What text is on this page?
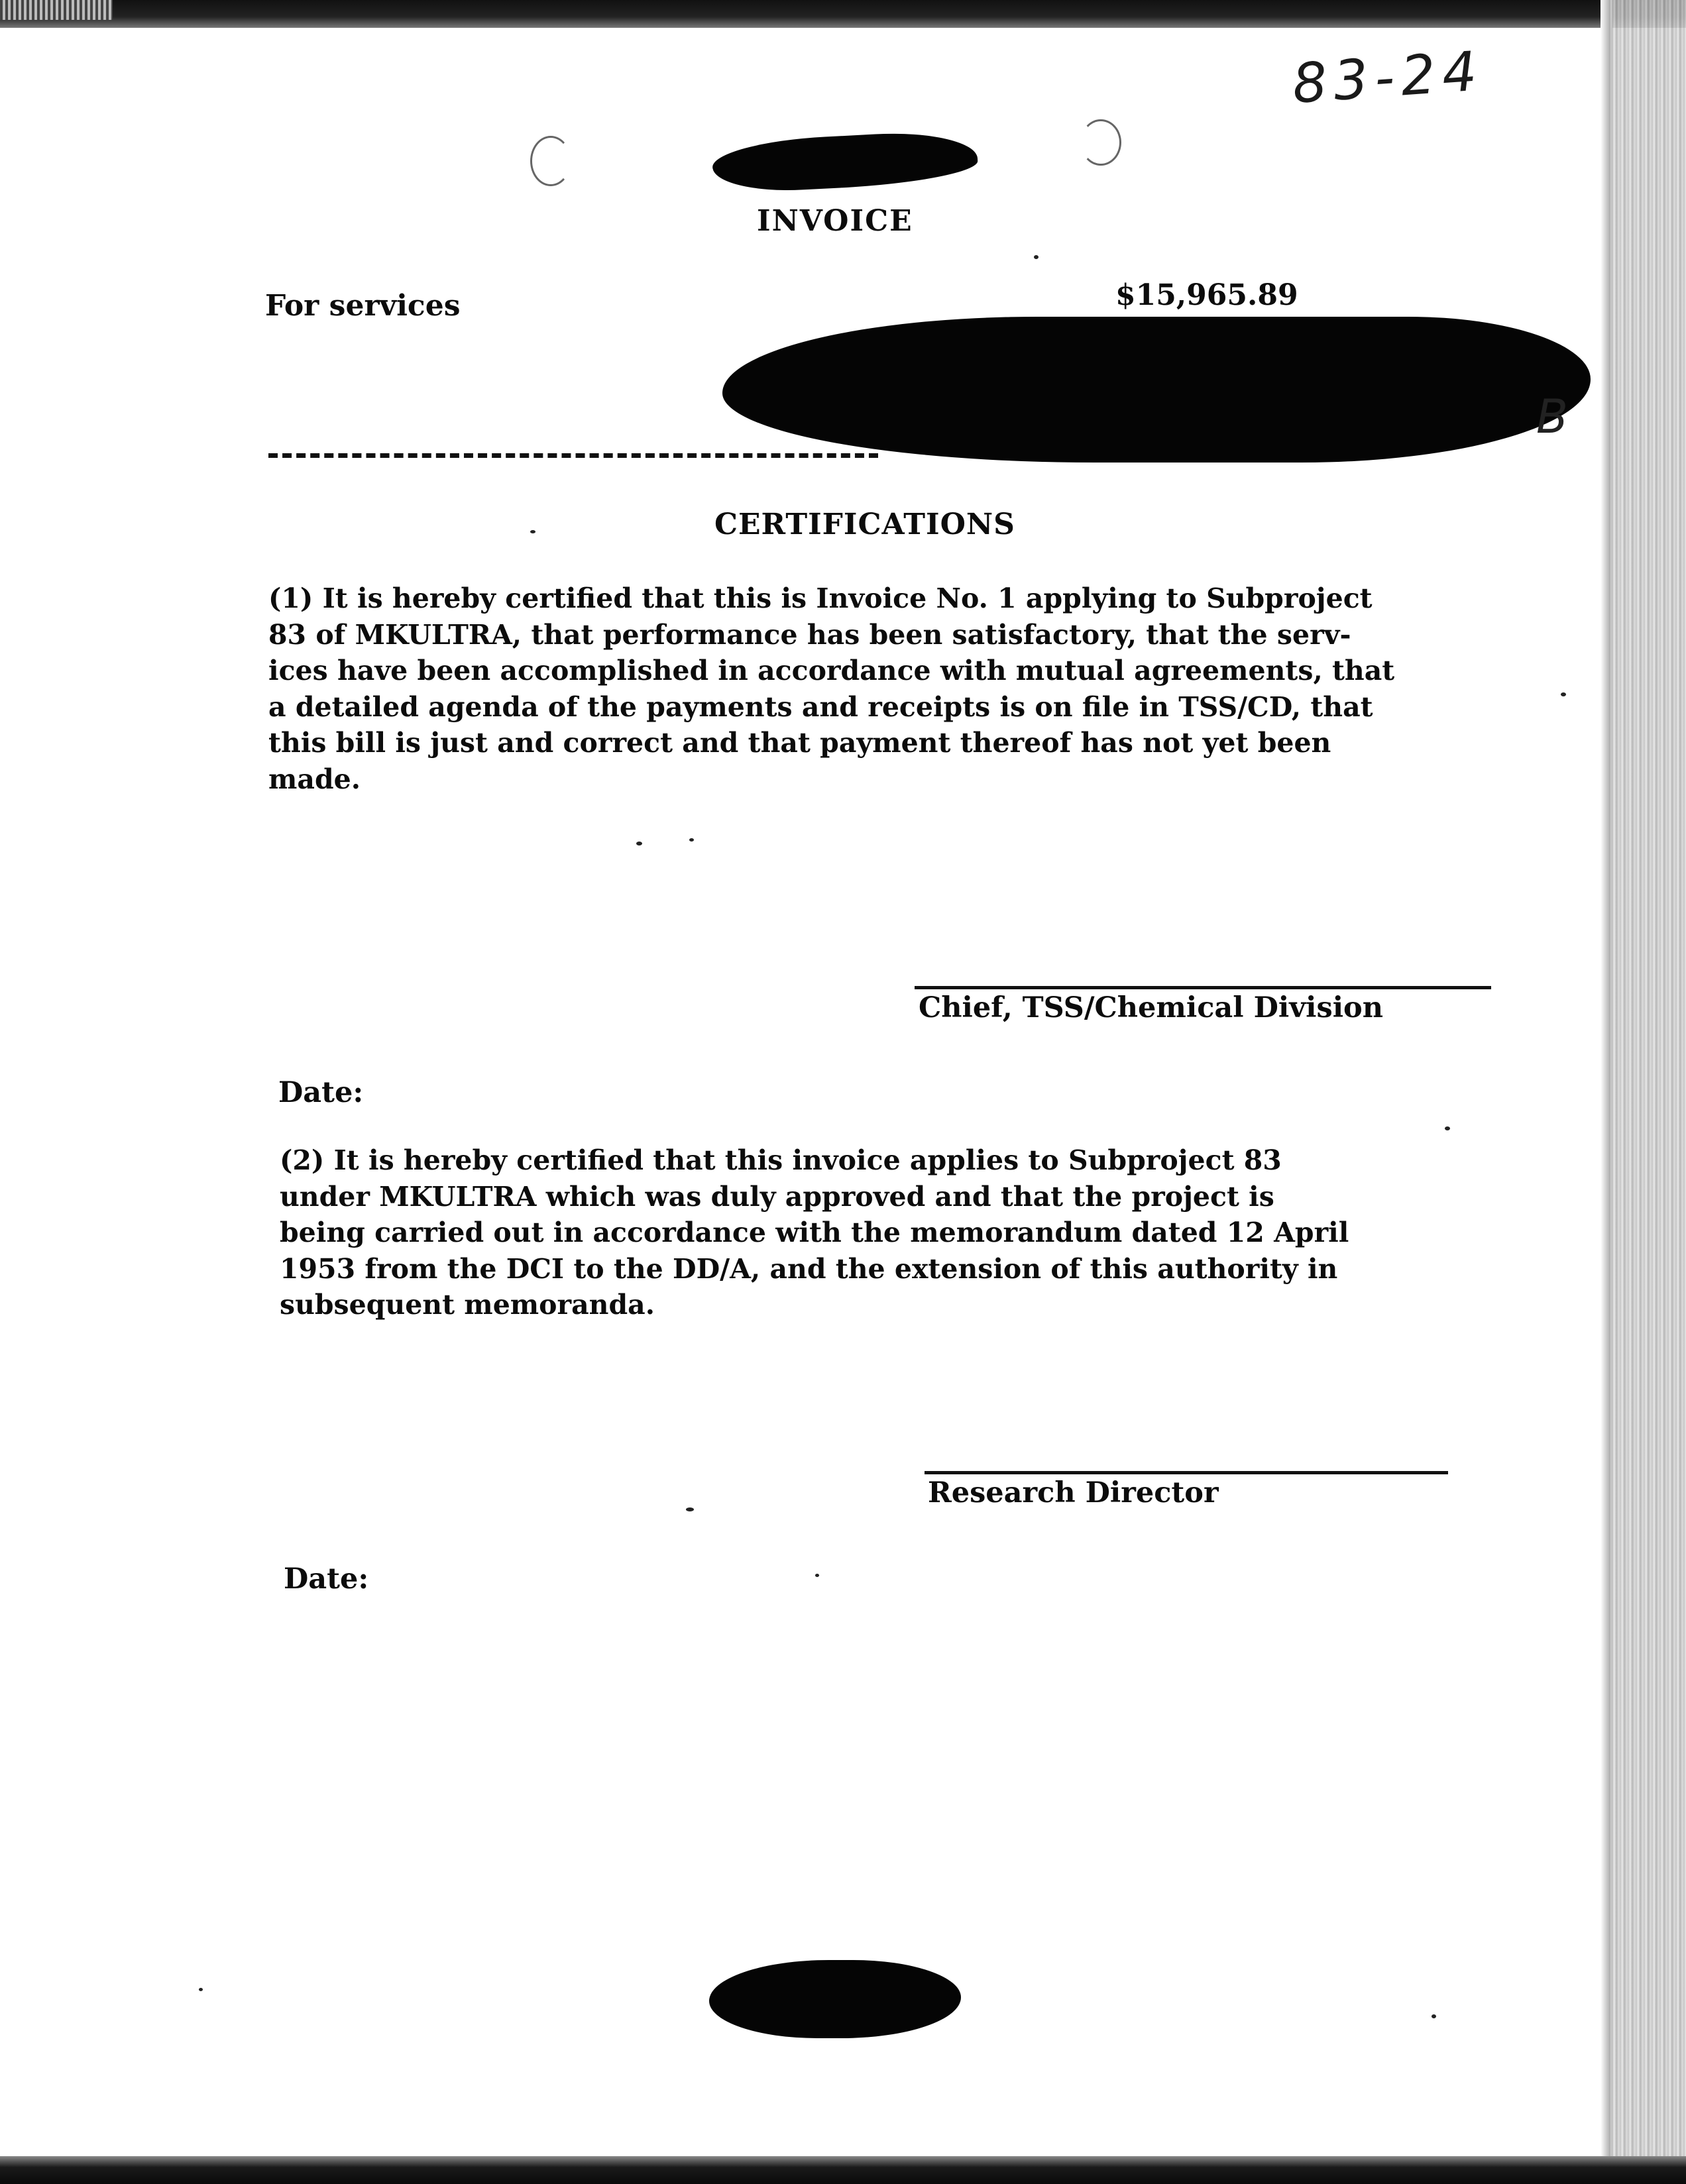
83-24
INVOICE
For services	$15,965.89
B
CERTIFICATIONS
(1) It is hereby certified that this is Invoice No. 1 applying to Subproject
83 of MKULTRA, that performance has been satisfactory, that the serv-
ices have been accomplished in accordance with mutual agreements, that
a detailed agenda of the payments and receipts is on file in TSS/CD, that
this bill is just and correct and that payment thereof has not yet been
made.
Chief, TSS/Chemical Division
Date:
(2) It is hereby certified that this invoice applies to Subproject 83
under MKULTRA which was duly approved and that the project is
being carried out in accordance with the memorandum dated 12 April
1953 from the DCI to the DD/A, and the extension of this authority in
subsequent memoranda.
Research Director
Date:
